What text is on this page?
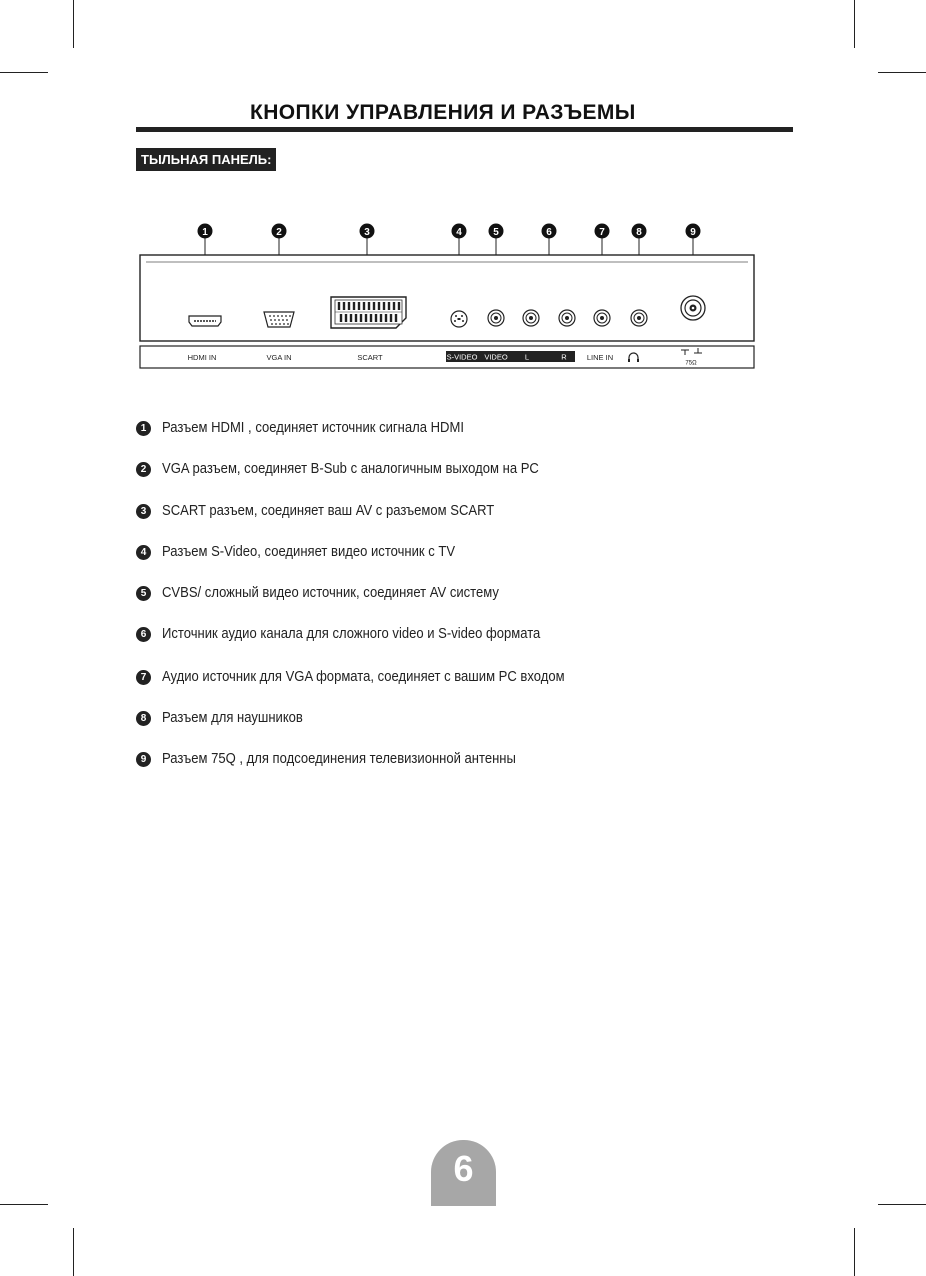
КНОПКИ УПРАВЛЕНИЯ И РАЗЪЕМЫ
ТЫЛЬНАЯ ПАНЕЛЬ:
1	2	3	4	5	6	7	8	9
HDMI IN	VGA IN	SCART	S-VIDEO VIDEO L	R	LINE IN
75Ω
1	Разъем HDMI , соединяет источник сигнала HDMI
2	VGA разъем, соединяет B-Sub с аналогичным выходом на PC
3	SCART разъем, соединяет ваш AV с разъемом SCART
4	Разъем S-Video, соединяет видео источник с TV
5	CVBS/ сложный видео источник, соединяет AV систему
6	Источник аудио канала для сложного video и S-video формата
7	Аудио источник для VGA формата, соединяет с вашим PC входом
8	Разъем для наушников
9	Разъем 75Q , для подсоединения телевизионной антенны
6
